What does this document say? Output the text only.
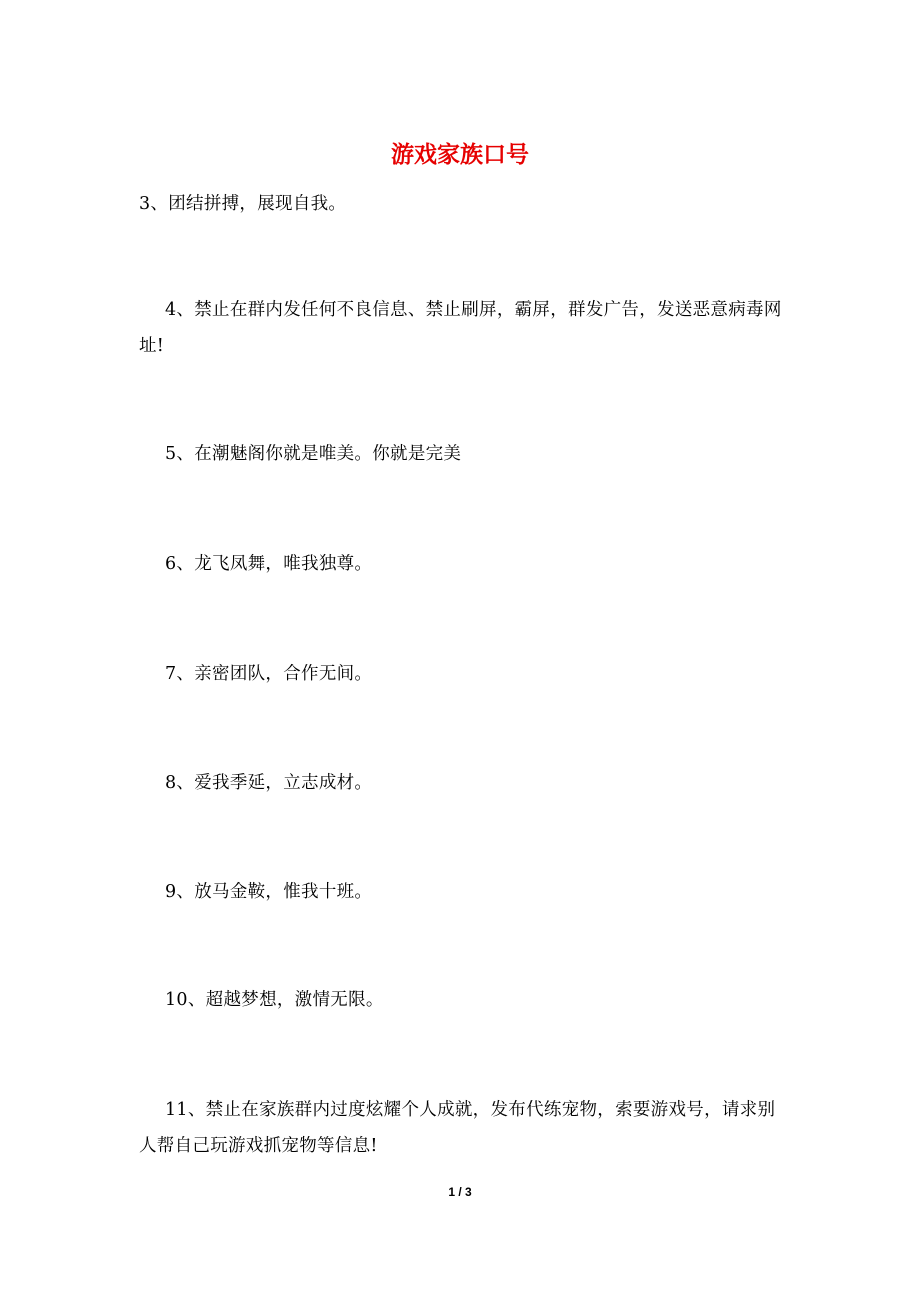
游戏家族口号

3、团结拼搏，展现自我。

4、禁止在群内发任何不良信息、禁止刷屏，霸屏，群发广告，发送恶意病毒网址!

5、在潮魅阁你就是唯美。你就是完美

6、龙飞凤舞，唯我独尊。

7、亲密团队，合作无间。

8、爱我季延，立志成材。

9、放马金鞍，惟我十班。

10、超越梦想，激情无限。

11、禁止在家族群内过度炫耀个人成就，发布代练宠物，索要游戏号，请求别人帮自己玩游戏抓宠物等信息!

1 / 3
